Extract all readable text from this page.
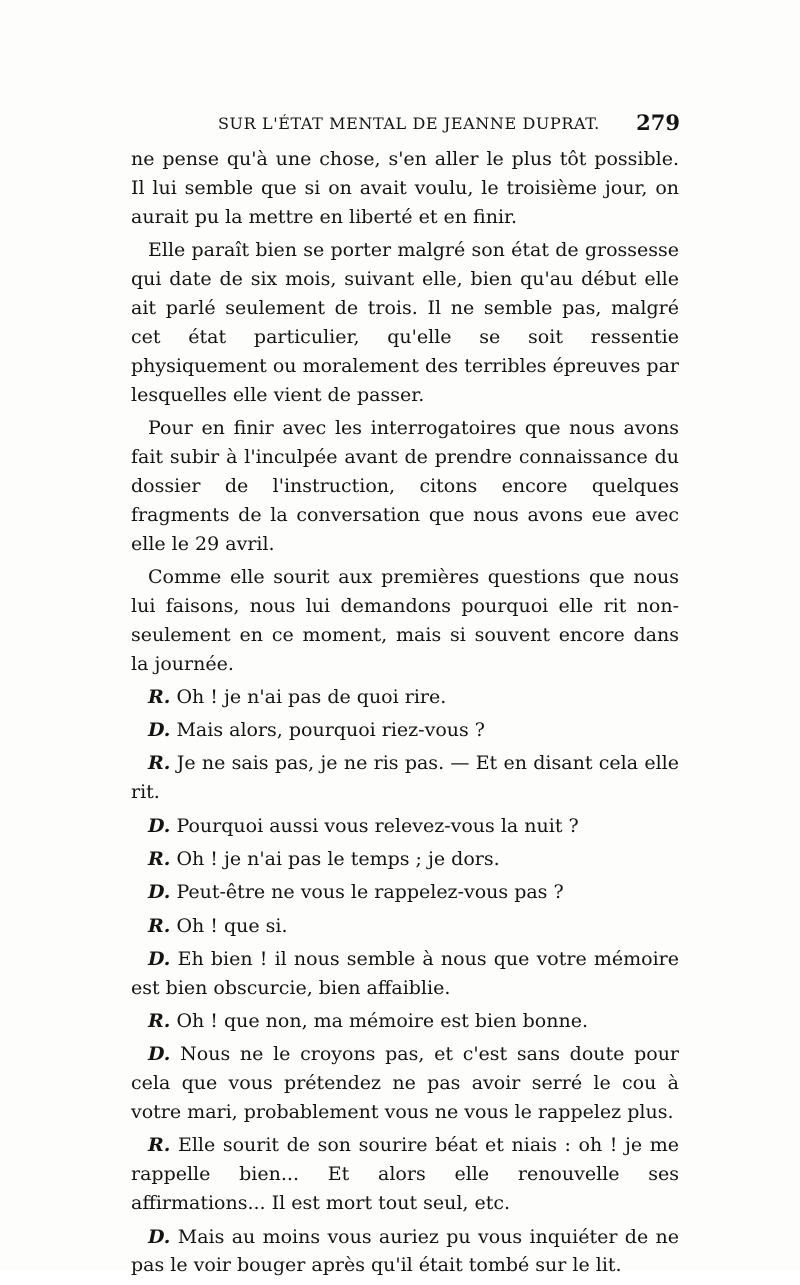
SUR L'ÉTAT MENTAL DE JEANNE DUPRAT. 279

ne pense qu'à une chose, s'en aller le plus tôt possible. Il lui semble que si on avait voulu, le troisième jour, on aurait pu la mettre en liberté et en finir.

Elle paraît bien se porter malgré son état de grossesse qui date de six mois, suivant elle, bien qu'au début elle ait parlé seulement de trois. Il ne semble pas, malgré cet état particulier, qu'elle se soit ressentie physiquement ou moralement des terribles épreuves par lesquelles elle vient de passer.

Pour en finir avec les interrogatoires que nous avons fait subir à l'inculpée avant de prendre connaissance du dossier de l'instruction, citons encore quelques fragments de la conversation que nous avons eue avec elle le 29 avril.

Comme elle sourit aux premières questions que nous lui faisons, nous lui demandons pourquoi elle rit non-seulement en ce moment, mais si souvent encore dans la journée.

R. Oh ! je n'ai pas de quoi rire.

D. Mais alors, pourquoi riez-vous ?

R. Je ne sais pas, je ne ris pas. — Et en disant cela elle rit.

D. Pourquoi aussi vous relevez-vous la nuit ?

R. Oh ! je n'ai pas le temps ; je dors.

D. Peut-être ne vous le rappelez-vous pas ?

R. Oh ! que si.

D. Eh bien ! il nous semble à nous que votre mémoire est bien obscurcie, bien affaiblie.

R. Oh ! que non, ma mémoire est bien bonne.

D. Nous ne le croyons pas, et c'est sans doute pour cela que vous prétendez ne pas avoir serré le cou à votre mari, probablement vous ne vous le rappelez plus.

R. Elle sourit de son sourire béat et niais : oh ! je me rappelle bien... Et alors elle renouvelle ses affirmations... Il est mort tout seul, etc.

D. Mais au moins vous auriez pu vous inquiéter de ne pas le voir bouger après qu'il était tombé sur le lit.
